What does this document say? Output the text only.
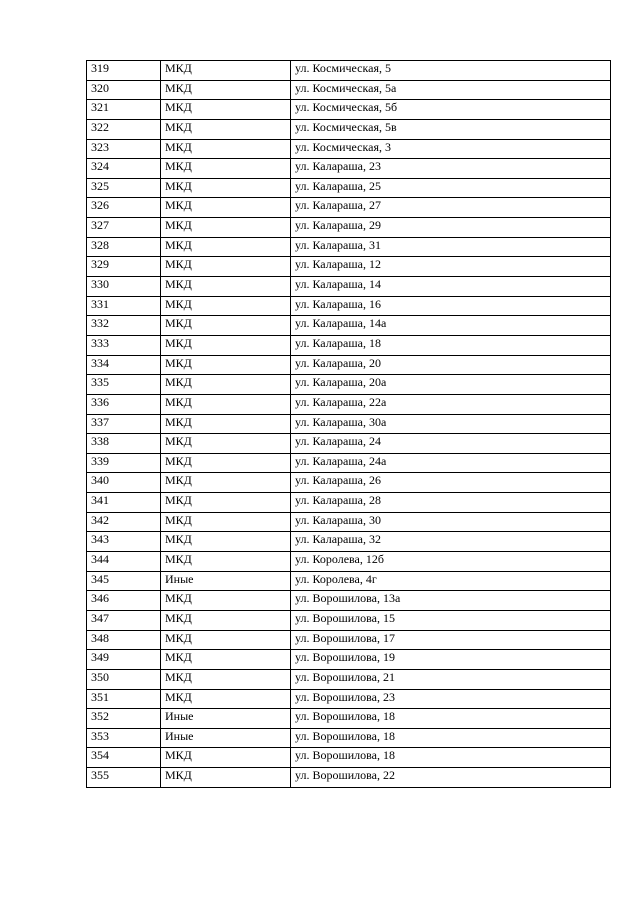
319	МКД	ул. Космическая, 5
320	МКД	ул. Космическая, 5а
321	МКД	ул. Космическая, 5б
322	МКД	ул. Космическая, 5в
323	МКД	ул. Космическая, 3
324	МКД	ул. Калараша, 23
325	МКД	ул. Калараша, 25
326	МКД	ул. Калараша, 27
327	МКД	ул. Калараша, 29
328	МКД	ул. Калараша, 31
329	МКД	ул. Калараша, 12
330	МКД	ул. Калараша, 14
331	МКД	ул. Калараша, 16
332	МКД	ул. Калараша, 14а
333	МКД	ул. Калараша, 18
334	МКД	ул. Калараша, 20
335	МКД	ул. Калараша, 20а
336	МКД	ул. Калараша, 22а
337	МКД	ул. Калараша, 30а
338	МКД	ул. Калараша, 24
339	МКД	ул. Калараша, 24а
340	МКД	ул. Калараша, 26
341	МКД	ул. Калараша, 28
342	МКД	ул. Калараша, 30
343	МКД	ул. Калараша, 32
344	МКД	ул. Королева, 12б
345	Иные	ул. Королева, 4г
346	МКД	ул. Ворошилова, 13а
347	МКД	ул. Ворошилова, 15
348	МКД	ул. Ворошилова, 17
349	МКД	ул. Ворошилова, 19
350	МКД	ул. Ворошилова, 21
351	МКД	ул. Ворошилова, 23
352	Иные	ул. Ворошилова, 18
353	Иные	ул. Ворошилова, 18
354	МКД	ул. Ворошилова, 18
355	МКД	ул. Ворошилова, 22
